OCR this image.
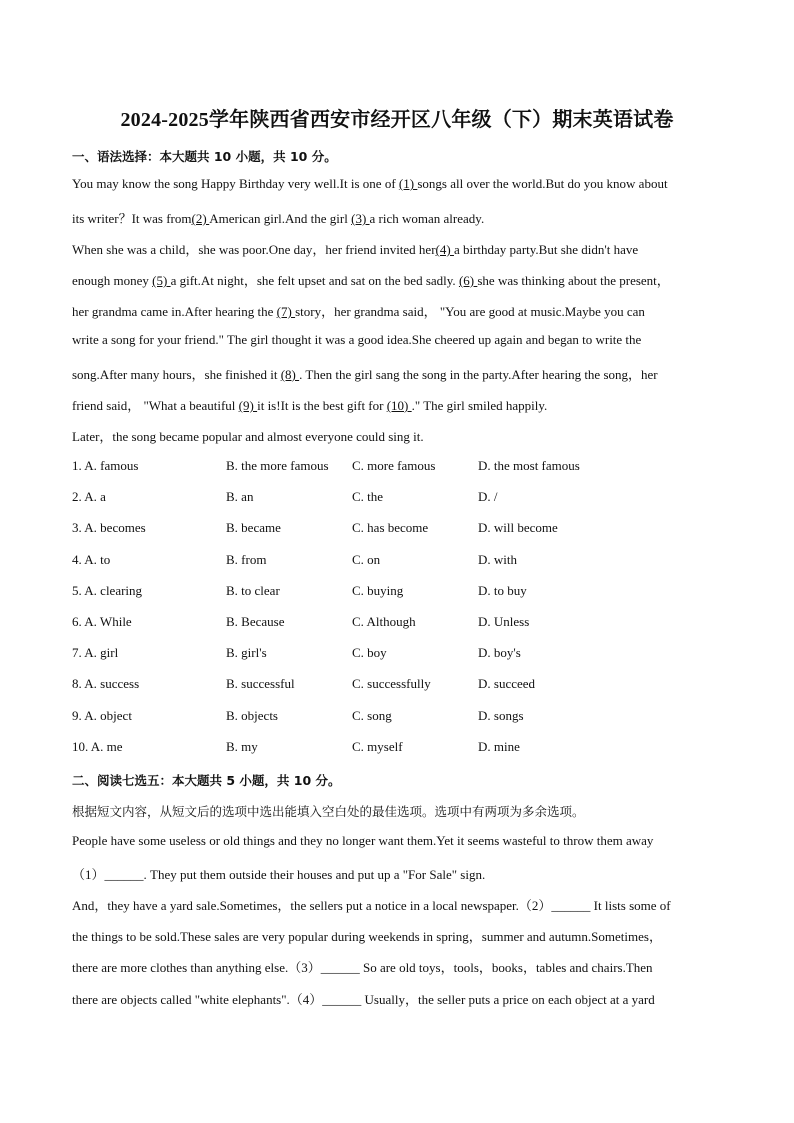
2024-2025学年陕西省西安市经开区八年级（下）期末英语试卷
一、语法选择：本大题共 10 小题，共 10 分。
You may know the song Happy Birthday very well.It is one of (1) songs all over the world.But do you know about
its writer？It was from(2) American girl.And the girl (3) a rich woman already.
When she was a child，she was poor.One day，her friend invited her(4) a birthday party.But she didn't have
enough money (5) a gift.At night，she felt upset and sat on the bed sadly. (6) she was thinking about the present，
her grandma came in.After hearing the (7) story，her grandma said， "You are good at music.Maybe you can
write a song for your friend." The girl thought it was a good idea.She cheered up again and began to write the
song.After many hours，she finished it (8) . Then the girl sang the song in the party.After hearing the song，her
friend said， "What a beautiful (9) it is!It is the best gift for (10) ." The girl smiled happily.
Later，the song became popular and almost everyone could sing it.
1. A. famous	B. the more famous C. more famous	D. the most famous
2. A. a	B. an	C. the	D. /
3. A. becomes	B. became	C. has become	D. will become
4. A. to	B. from	C. on	D. with
5. A. clearing	B. to clear	C. buying	D. to buy
6. A. While	B. Because	C. Although	D. Unless
7. A. girl	B. girl's	C. boy	D. boy's
8. A. success	B. successful	C. successfully	D. succeed
9. A. object	B. objects	C. song	D. songs
10. A. me	B. my	C. myself	D. mine
二、阅读七选五：本大题共 5 小题，共 10 分。
根据短文内容，从短文后的选项中选出能填入空白处的最佳选项。选项中有两项为多余选项。
People have some useless or old things and they no longer want them.Yet it seems wasteful to throw them away
（1）______. They put them outside their houses and put up a "For Sale" sign.
And，they have a yard sale.Sometimes，the sellers put a notice in a local newspaper.（2）______ It lists some of
the things to be sold.These sales are very popular during weekends in spring，summer and autumn.Sometimes，
there are more clothes than anything else.（3）______ So are old toys，tools，books，tables and chairs.Then
there are objects called "white elephants".（4）______ Usually，the seller puts a price on each object at a yard
